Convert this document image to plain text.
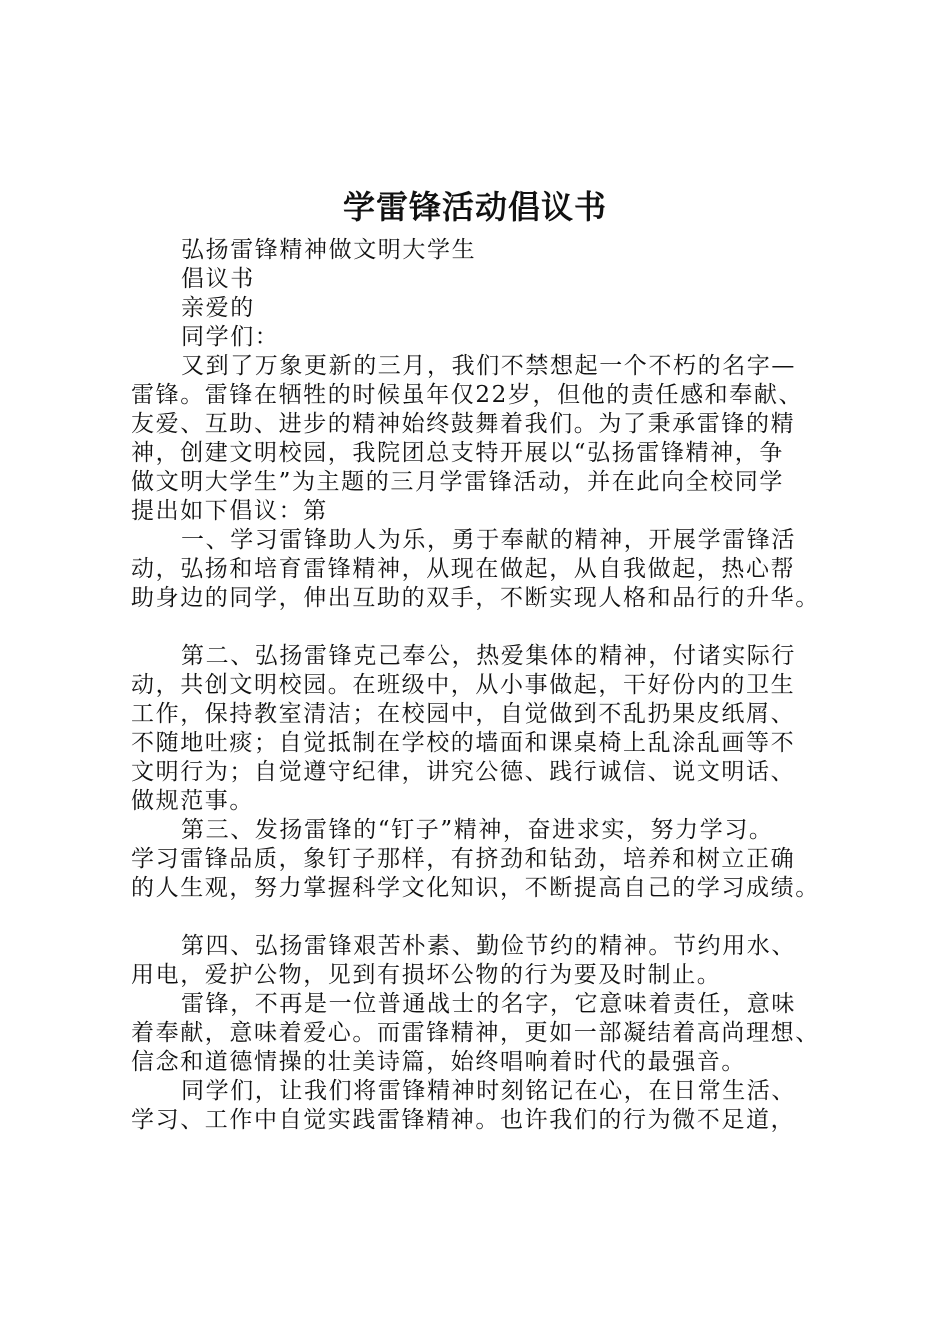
学雷锋活动倡议书
弘扬雷锋精神做文明大学生
倡议书
亲爱的
同学们：
又到了万象更新的三月，我们不禁想起一个不朽的名字—
雷锋。雷锋在牺牲的时候虽年仅22岁，但他的责任感和奉献、
友爱、互助、进步的精神始终鼓舞着我们。为了秉承雷锋的精
神，创建文明校园，我院团总支特开展以“弘扬雷锋精神，争
做文明大学生”为主题的三月学雷锋活动，并在此向全校同学
提出如下倡议：第
一、学习雷锋助人为乐，勇于奉献的精神，开展学雷锋活
动，弘扬和培育雷锋精神，从现在做起，从自我做起，热心帮
助身边的同学，伸出互助的双手，不断实现人格和品行的升华。
第二、弘扬雷锋克己奉公，热爱集体的精神，付诸实际行
动，共创文明校园。在班级中，从小事做起，干好份内的卫生
工作，保持教室清洁；在校园中，自觉做到不乱扔果皮纸屑、
不随地吐痰；自觉抵制在学校的墙面和课桌椅上乱涂乱画等不
文明行为；自觉遵守纪律，讲究公德、践行诚信、说文明话、
做规范事。
第三、发扬雷锋的“钉子”精神，奋进求实，努力学习。
学习雷锋品质，象钉子那样，有挤劲和钻劲，培养和树立正确
的人生观，努力掌握科学文化知识，不断提高自己的学习成绩。
第四、弘扬雷锋艰苦朴素、勤俭节约的精神。节约用水、
用电，爱护公物，见到有损坏公物的行为要及时制止。
雷锋，不再是一位普通战士的名字，它意味着责任，意味
着奉献，意味着爱心。而雷锋精神，更如一部凝结着高尚理想、
信念和道德情操的壮美诗篇，始终唱响着时代的最强音。
同学们，让我们将雷锋精神时刻铭记在心，在日常生活、
学习、工作中自觉实践雷锋精神。也许我们的行为微不足道，
